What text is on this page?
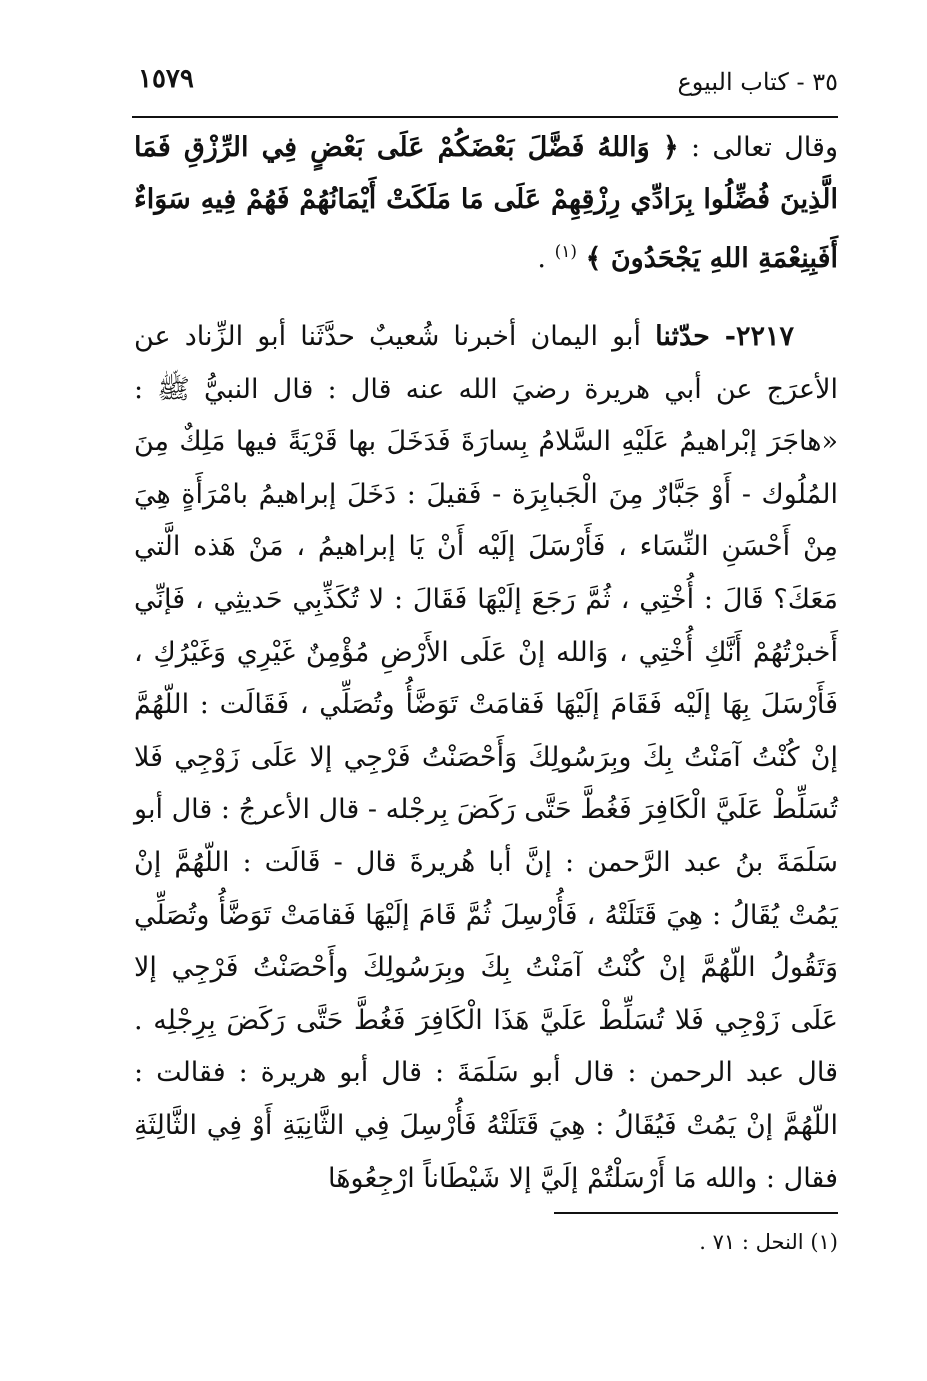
١٥٧٩	٣٥ - كتاب البيوع

وقال تعالى : ﴿ وَاللهُ فَضَّلَ بَعْضَكُمْ عَلَى بَعْضٍ فِي الرِّزْقِ فَمَا الَّذِينَ فُضِّلُوا بِرَادِّي رِزْقِهِمْ عَلَى مَا مَلَكَتْ أَيْمَانُهُمْ فَهُمْ فِيهِ سَوَاءٌ أَفَبِنِعْمَةِ اللهِ يَجْحَدُونَ ﴾ $^{(١)}$ .

٢٢١٧- حدّثنا أبو اليمان أخبرنا شُعيبٌ حدَّثَنا أبو الزِّناد عن الأعرَج عن أبي هريرة رضيَ الله عنه قال : قال النبيُّ ﷺ : «هاجَرَ إبْراهيمُ عَلَيْهِ السَّلامُ بِسارَةَ فَدَخَلَ بها قَرْيَةً فيها مَلِكٌ مِنَ المُلُوك - أَوْ جَبَّارٌ مِنَ الْجَبابِرَة - فَقيلَ : دَخَلَ إبراهيمُ بامْرَأَةٍ هِيَ مِنْ أَحْسَنِ النِّسَاء ، فَأَرْسَلَ إلَيْه أَنْ يَا إبراهيمُ ، مَنْ هَذه الَّتي مَعَكَ؟ قَالَ : أُخْتِي ، ثُمَّ رَجَعَ إلَيْهَا فَقَالَ : لا تُكَذِّبِي حَديثِي ، فَإنِّي أَخبرْتُهُمْ أَنَّكِ أُخْتِي ، وَالله إنْ عَلَى الأَرْضِ مُؤْمِنٌ غَيْرِي وَغَيْرُكِ ، فَأَرْسَلَ بِهَا إلَيْه فَقَامَ إلَيْهَا فَقامَتْ تَوَضَّأُ وتُصَلِّي ، فَقَالَت : اللّهُمَّ إنْ كُنْتُ آمَنْتُ بِكَ وبِرَسُولِكَ وَأَحْصَنْتُ فَرْجِي إلا عَلَى زَوْجِي فَلا تُسَلِّطْ عَلَيَّ الْكَافِرَ فَغُطَّ حَتَّى رَكَضَ بِرجْله - قال الأعرجُ : قال أبو سَلَمَةَ بنُ عبد الرَّحمن : إنَّ أبا هُريرةَ قال - قَالَت : اللّهُمَّ إنْ يَمُتْ يُقَالُ : هِيَ قَتَلَتْهُ ، فَأُرْسِلَ ثُمَّ قَامَ إلَيْهَا فَقامَتْ تَوَضَّأُ وتُصَلِّي وَتَقُولُ اللّهُمَّ إنْ كُنْتُ آمَنْتُ بِكَ وبِرَسُولِكَ وأَحْصَنْتُ فَرْجِي إلا عَلَى زَوْجِي فَلا تُسَلِّطْ عَلَيَّ هَذَا الْكَافِرَ فَغُطَّ حَتَّى رَكَضَ بِرِجْلِه . قال عبد الرحمن : قال أبو سَلَمَةَ : قال أبو هريرة : فقالت : اللّهُمَّ إنْ يَمُتْ فَيُقَالُ : هِيَ قَتَلَتْهُ فَأُرْسِلَ فِي الثَّانِيَةِ أَوْ فِي الثَّالِثَةِ فقال : والله مَا أَرْسَلْتُمْ إلَيَّ إلا شَيْطَاناً ارْجِعُوهَا

(١) النحل : ٧١ .
